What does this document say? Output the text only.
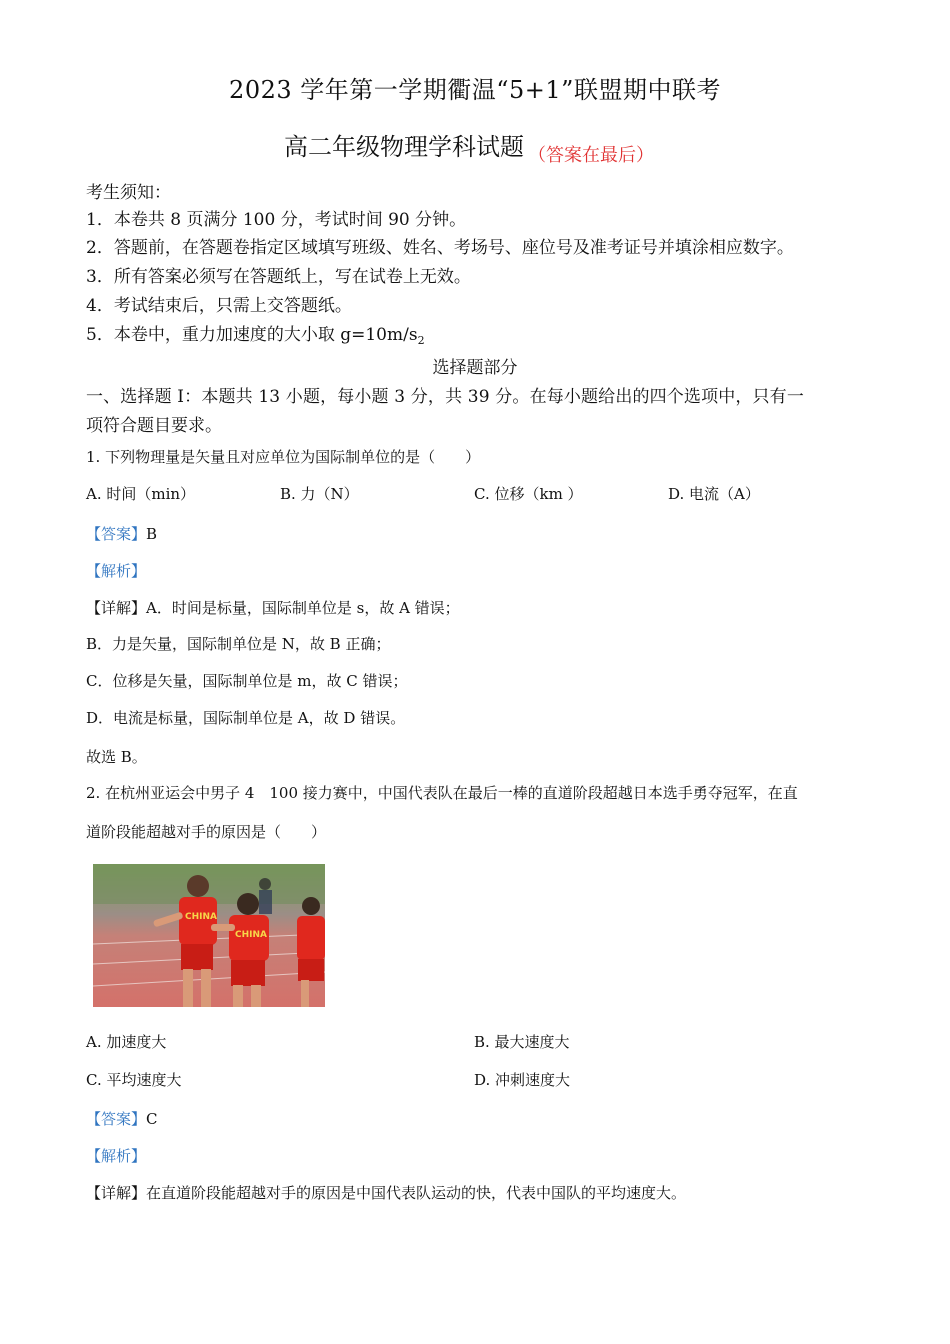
2023 学年第一学期衢温“5+1”联盟期中联考
高二年级物理学科试题 $_{(答案在最后)}$
考生须知：
1．本卷共 8 页满分 100 分，考试时间 90 分钟。
2．答题前，在答题卷指定区域填写班级、姓名、考场号、座位号及准考证号并填涂相应数字。
3．所有答案必须写在答题纸上，写在试卷上无效。
4．考试结束后，只需上交答题纸。
5．本卷中，重力加速度的大小取 $g=10m/s_2$
选择题部分
一、选择题 I：本题共 13 小题，每小题 3 分，共 39 分。在每小题给出的四个选项中，只有一
项符合题目要求。
1. 下列物理量是矢量且对应单位为国际制单位的是（　　）
A. 时间（min）	B. 力（N）	C. 位移（km ）	D. 电流（A）
【答案】B
【解析】
【详解】A．时间是标量，国际制单位是 s，故 A 错误；
B．力是矢量，国际制单位是 N，故 B 正确；
C．位移是矢量，国际制单位是 m，故 C 错误；
D．电流是标量，国际制单位是 A，故 D 错误。
故选 B。
2. 在杭州亚运会中男子 4　100 接力赛中，中国代表队在最后一棒的直道阶段超越日本选手勇夺冠军，在直
道阶段能超越对手的原因是（　　）
CHINA
CHINA
A. 加速度大	B. 最大速度大
C. 平均速度大	D. 冲刺速度大
【答案】C
【解析】
【详解】在直道阶段能超越对手的原因是中国代表队运动的快，代表中国队的平均速度大。
